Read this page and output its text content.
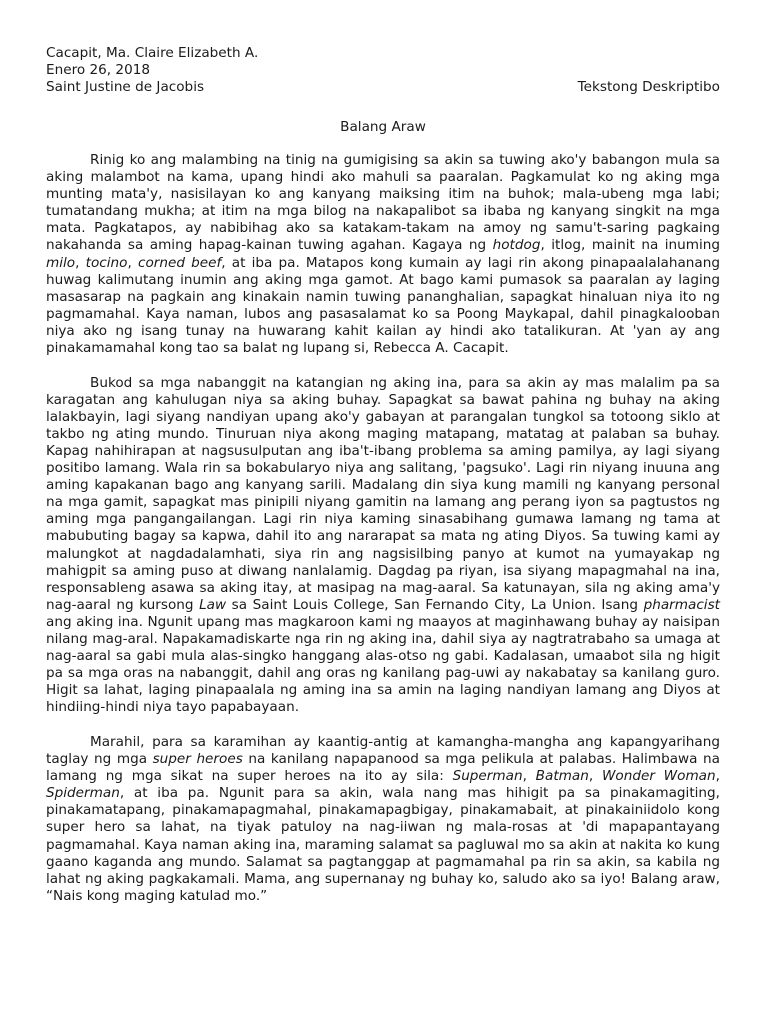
Cacapit, Ma. Claire Elizabeth A.
Enero 26, 2018
Saint Justine de Jacobis	Tekstong Deskriptibo
Balang Araw

Rinig ko ang malambing na tinig na gumigising sa akin sa tuwing ako'y babangon mula sa aking malambot na kama, upang hindi ako mahuli sa paaralan. Pagkamulat ko ng aking mga munting mata'y, nasisilayan ko ang kanyang maiksing itim na buhok; mala-ubeng mga labi; tumatandang mukha; at itim na mga bilog na nakapalibot sa ibaba ng kanyang singkit na mga mata. Pagkatapos, ay nabibihag ako sa katakam-takam na amoy ng samu't-saring pagkaing nakahanda sa aming hapag-kainan tuwing agahan. Kagaya ng hotdog, itlog, mainit na inuming milo, tocino, corned beef, at iba pa. Matapos kong kumain ay lagi rin akong pinapaalalahanang huwag kalimutang inumin ang aking mga gamot. At bago kami pumasok sa paaralan ay laging masasarap na pagkain ang kinakain namin tuwing pananghalian, sapagkat hinaluan niya ito ng pagmamahal. Kaya naman, lubos ang pasasalamat ko sa Poong Maykapal, dahil pinagkalooban niya ako ng isang tunay na huwarang kahit kailan ay hindi ako tatalikuran. At 'yan ay ang pinakamamahal kong tao sa balat ng lupang si, Rebecca A. Cacapit.

Bukod sa mga nabanggit na katangian ng aking ina, para sa akin ay mas malalim pa sa karagatan ang kahulugan niya sa aking buhay. Sapagkat sa bawat pahina ng buhay na aking lalakbayin, lagi siyang nandiyan upang ako'y gabayan at parangalan tungkol sa totoong siklo at takbo ng ating mundo. Tinuruan niya akong maging matapang, matatag at palaban sa buhay. Kapag nahihirapan at nagsusulputan ang iba't-ibang problema sa aming pamilya, ay lagi siyang positibo lamang. Wala rin sa bokabularyo niya ang salitang, 'pagsuko'. Lagi rin niyang inuuna ang aming kapakanan bago ang kanyang sarili. Madalang din siya kung mamili ng kanyang personal na mga gamit, sapagkat mas pinipili niyang gamitin na lamang ang perang iyon sa pagtustos ng aming mga pangangailangan. Lagi rin niya kaming sinasabihang gumawa lamang ng tama at mabubuting bagay sa kapwa, dahil ito ang nararapat sa mata ng ating Diyos. Sa tuwing kami ay malungkot at nagdadalamhati, siya rin ang nagsisilbing panyo at kumot na yumayakap ng mahigpit sa aming puso at diwang nanlalamig. Dagdag pa riyan, isa siyang mapagmahal na ina, responsableng asawa sa aking itay, at masipag na mag-aaral. Sa katunayan, sila ng aking ama'y nag-aaral ng kursong Law sa Saint Louis College, San Fernando City, La Union. Isang pharmacist ang aking ina. Ngunit upang mas magkaroon kami ng maayos at maginhawang buhay ay naisipan nilang mag-aral. Napakamadiskarte nga rin ng aking ina, dahil siya ay nagtratrabaho sa umaga at nag-aaral sa gabi mula alas-singko hanggang alas-otso ng gabi. Kadalasan, umaabot sila ng higit pa sa mga oras na nabanggit, dahil ang oras ng kanilang pag-uwi ay nakabatay sa kanilang guro. Higit sa lahat, laging pinapaalala ng aming ina sa amin na laging nandiyan lamang ang Diyos at hindiing-hindi niya tayo papabayaan.

Marahil, para sa karamihan ay kaantig-antig at kamangha-mangha ang kapangyarihang taglay ng mga super heroes na kanilang napapanood sa mga pelikula at palabas. Halimbawa na lamang ng mga sikat na super heroes na ito ay sila: Superman, Batman, Wonder Woman, Spiderman, at iba pa. Ngunit para sa akin, wala nang mas hihigit pa sa pinakamagiting, pinakamatapang, pinakamapagmahal, pinakamapagbigay, pinakamabait, at pinakainiidolo kong super hero sa lahat, na tiyak patuloy na nag-iiwan ng mala-rosas at 'di mapapantayang pagmamahal. Kaya naman aking ina, maraming salamat sa pagluwal mo sa akin at nakita ko kung gaano kaganda ang mundo. Salamat sa pagtanggap at pagmamahal pa rin sa akin, sa kabila ng lahat ng aking pagkakamali. Mama, ang supernanay ng buhay ko, saludo ako sa iyo! Balang araw, “Nais kong maging katulad mo.”
